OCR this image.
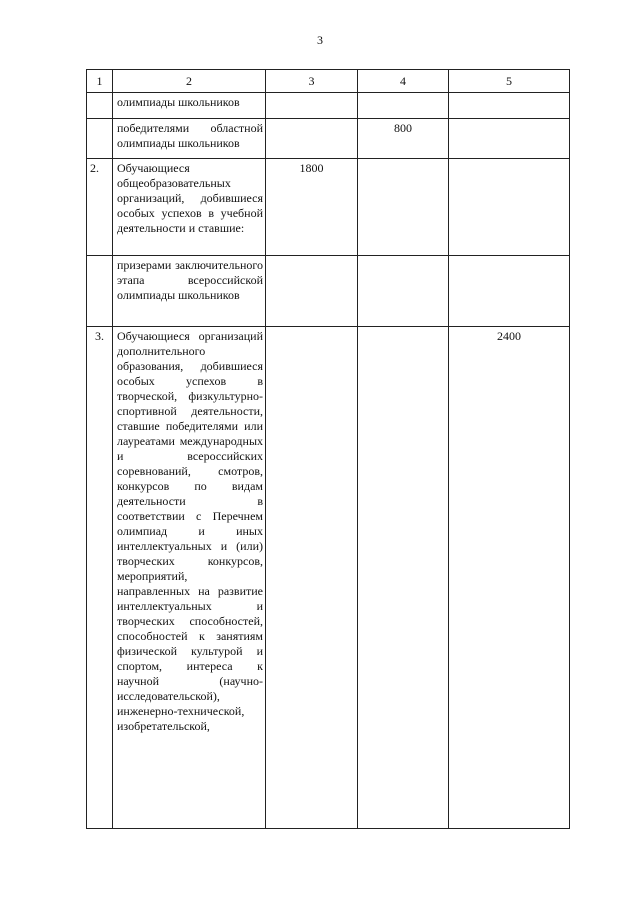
3
1	2	3	4	5

	олимпиады школьников			

	победителями областной олимпиады школьников		800	

2.	Обучающиеся общеобразовательных организаций, добившиеся особых успехов в учебной деятельности и ставшие:	1800		

	призерами заключительного этапа всероссийской олимпиады школьников			

3.	Обучающиеся организаций дополнительного образования, добившиеся особых успехов в творческой, физкультурно-спортивной деятельности, ставшие победителями или лауреатами международных и всероссийских соревнований, смотров, конкурсов по видам деятельности в соответствии с Перечнем олимпиад и иных интеллектуальных и (или) творческих конкурсов, мероприятий, направленных на развитие интеллектуальных и творческих способностей, способностей к занятиям физической культурой и спортом, интереса к научной (научно-исследовательской), инженерно-технической, изобретательской,			2400
